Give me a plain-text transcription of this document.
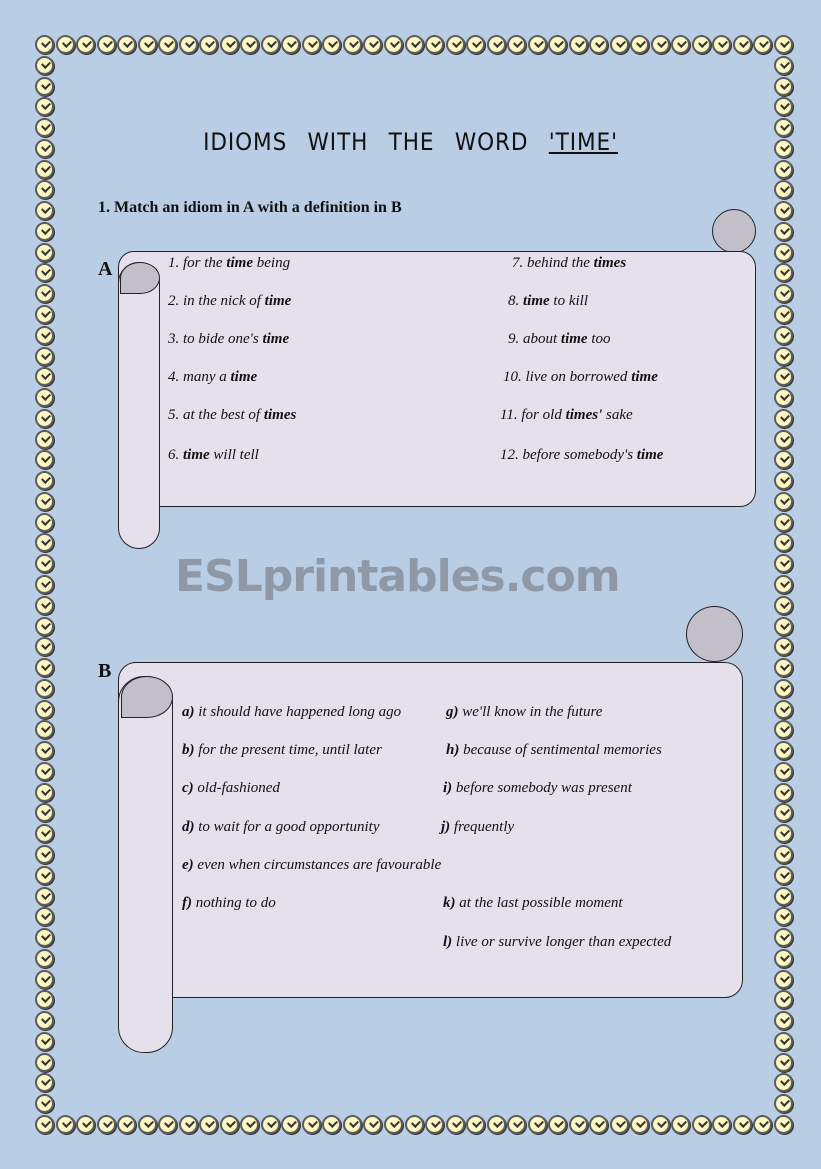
IDIOMS WITH THE WORD 'TIME'
1. Match an idiom in A with a definition in B
A
B
1. for the time being
2. in the nick of time
3. to bide one's time
4. many a time
5. at the best of times
6. time will tell
7. behind the times
8. time to kill
9. about time too
10. live on borrowed time
11. for old times' sake
12. before somebody's time
a) it should have happened long ago
b) for the present time, until later
c) old-fashioned
d) to wait for a good opportunity
e) even when circumstances are favourable
f) nothing to do
g) we'll know in the future
h) because of sentimental memories
i) before somebody was present
j) frequently
k) at the last possible moment
l) live or survive longer than expected
ESLprintables.com
